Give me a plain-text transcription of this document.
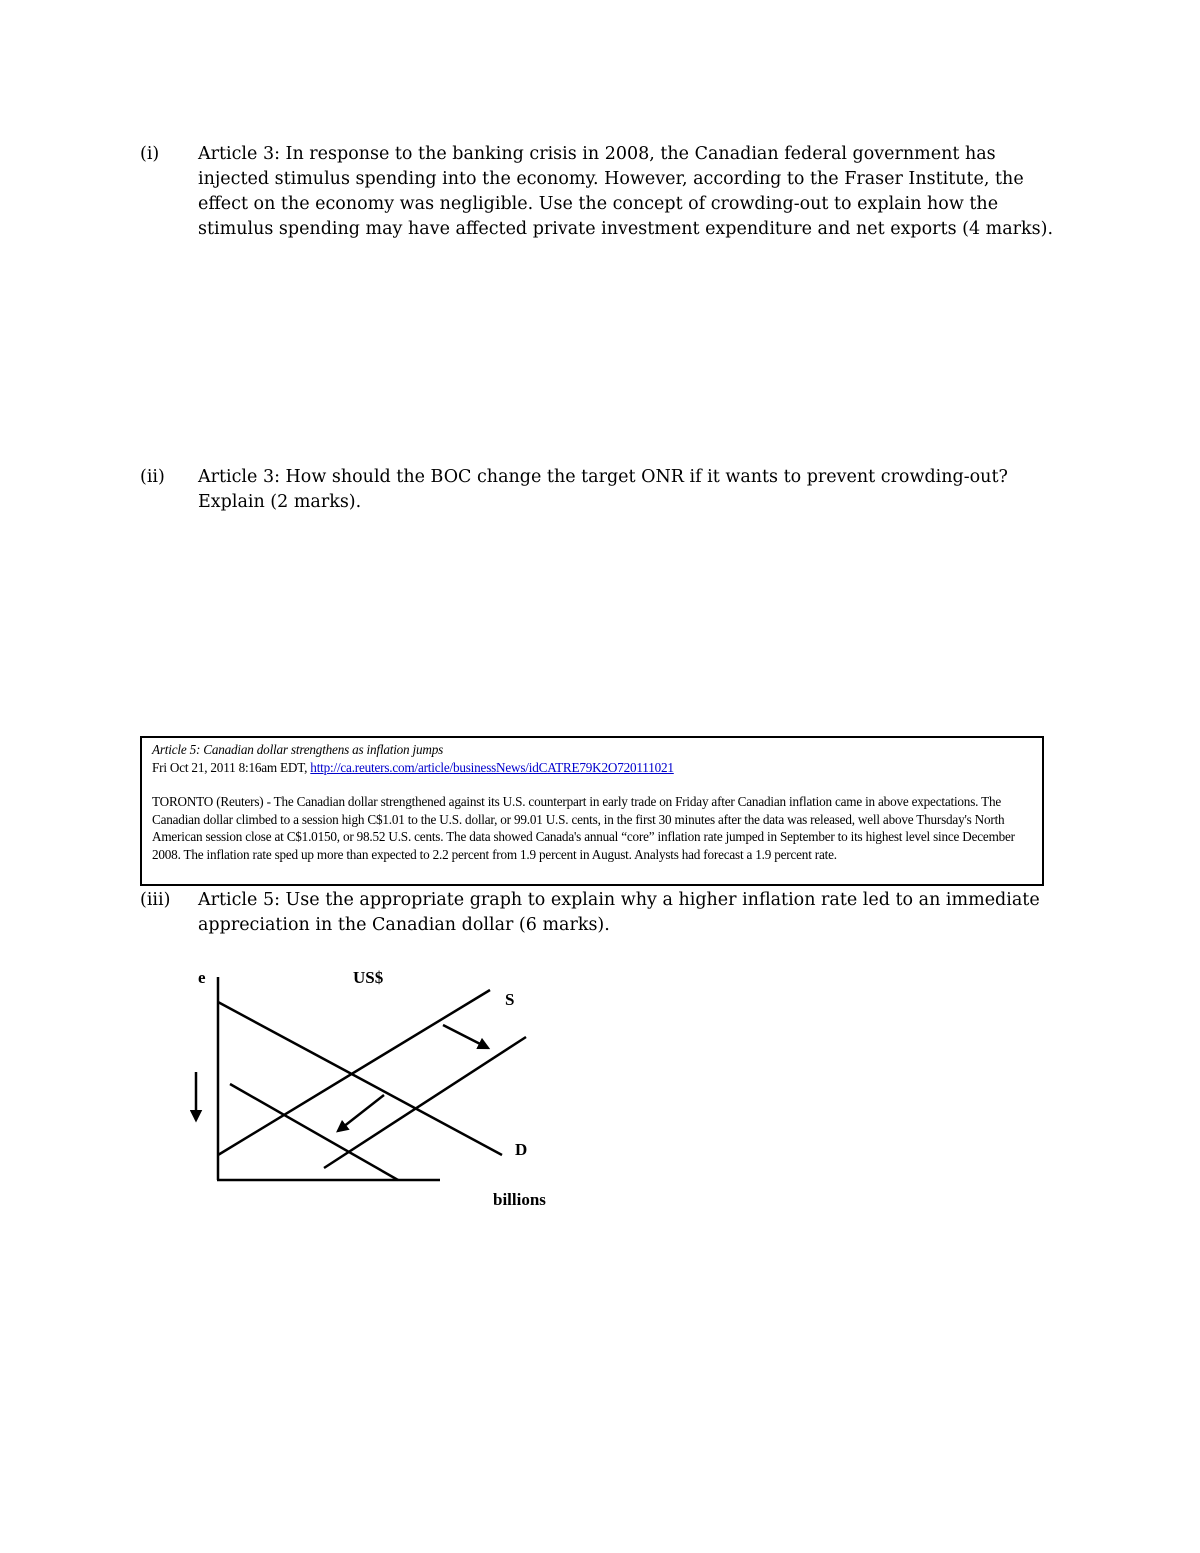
(i) Article 3: In response to the banking crisis in 2008, the Canadian federal government has injected stimulus spending into the economy. However, according to the Fraser Institute, the effect on the economy was negligible. Use the concept of crowding-out to explain how the stimulus spending may have affected private investment expenditure and net exports (4 marks).
(ii) Article 3: How should the BOC change the target ONR if it wants to prevent crowding-out? Explain (2 marks).
Article 5: Canadian dollar strengthens as inflation jumps
Fri Oct 21, 2011 8:16am EDT, http://ca.reuters.com/article/businessNews/idCATRE79K2O720111021
TORONTO (Reuters) - The Canadian dollar strengthened against its U.S. counterpart in early trade on Friday after Canadian inflation came in above expectations. The Canadian dollar climbed to a session high C$1.01 to the U.S. dollar, or 99.01 U.S. cents, in the first 30 minutes after the data was released, well above Thursday's North American session close at C$1.0150, or 98.52 U.S. cents. The data showed Canada's annual “core” inflation rate jumped in September to its highest level since December 2008. The inflation rate sped up more than expected to 2.2 percent from 1.9 percent in August. Analysts had forecast a 1.9 percent rate.
(iii) Article 5: Use the appropriate graph to explain why a higher inflation rate led to an immediate appreciation in the Canadian dollar (6 marks).
e	US$
S
D
billions
